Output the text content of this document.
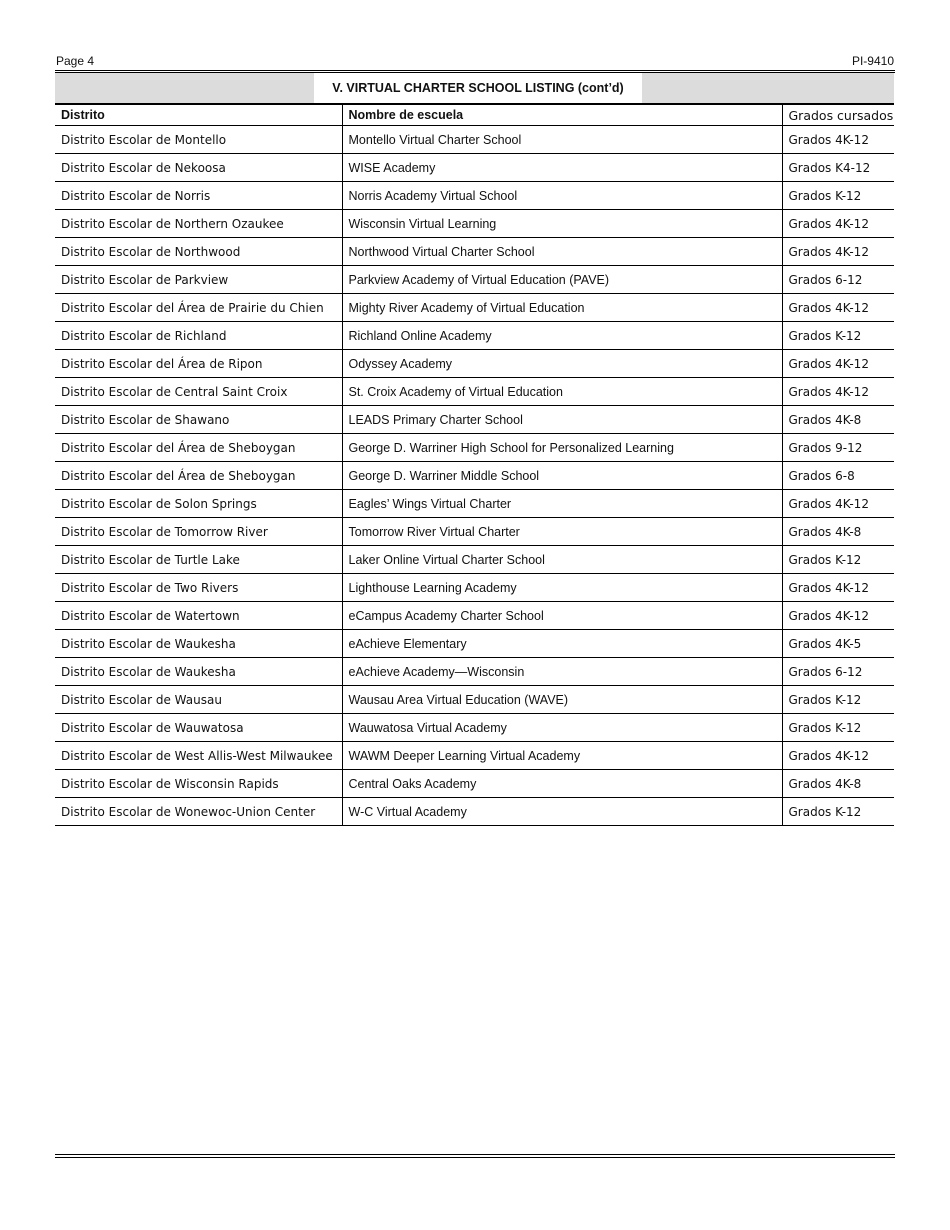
Page 4	PI-9410
V. VIRTUAL CHARTER SCHOOL LISTING (cont’d)
Distrito	Nombre de escuela	Grados cursados
Distrito Escolar de Montello	Montello Virtual Charter School	Grados 4K-12
Distrito Escolar de Nekoosa	WISE Academy	Grados K4-12
Distrito Escolar de Norris	Norris Academy Virtual School	Grados K-12
Distrito Escolar de Northern Ozaukee	Wisconsin Virtual Learning	Grados 4K-12
Distrito Escolar de Northwood	Northwood Virtual Charter School	Grados 4K-12
Distrito Escolar de Parkview	Parkview Academy of Virtual Education (PAVE)	Grados 6-12
Distrito Escolar del Área de Prairie du Chien	Mighty River Academy of Virtual Education	Grados 4K-12
Distrito Escolar de Richland	Richland Online Academy	Grados K-12
Distrito Escolar del Área de Ripon	Odyssey Academy	Grados 4K-12
Distrito Escolar de Central Saint Croix	St. Croix Academy of Virtual Education	Grados 4K-12
Distrito Escolar de Shawano	LEADS Primary Charter School	Grados 4K-8
Distrito Escolar del Área de Sheboygan	George D. Warriner High School for Personalized Learning	Grados 9-12
Distrito Escolar del Área de Sheboygan	George D. Warriner Middle School	Grados 6-8
Distrito Escolar de Solon Springs	Eagles’ Wings Virtual Charter	Grados 4K-12
Distrito Escolar de Tomorrow River	Tomorrow River Virtual Charter	Grados 4K-8
Distrito Escolar de Turtle Lake	Laker Online Virtual Charter School	Grados K-12
Distrito Escolar de Two Rivers	Lighthouse Learning Academy	Grados 4K-12
Distrito Escolar de Watertown	eCampus Academy Charter School	Grados 4K-12
Distrito Escolar de Waukesha	eAchieve Elementary	Grados 4K-5
Distrito Escolar de Waukesha	eAchieve Academy—Wisconsin	Grados 6-12
Distrito Escolar de Wausau	Wausau Area Virtual Education (WAVE)	Grados K-12
Distrito Escolar de Wauwatosa	Wauwatosa Virtual Academy	Grados K-12
Distrito Escolar de West Allis-West Milwaukee	WAWM Deeper Learning Virtual Academy	Grados 4K-12
Distrito Escolar de Wisconsin Rapids	Central Oaks Academy	Grados 4K-8
Distrito Escolar de Wonewoc-Union Center	W-C Virtual Academy	Grados K-12
